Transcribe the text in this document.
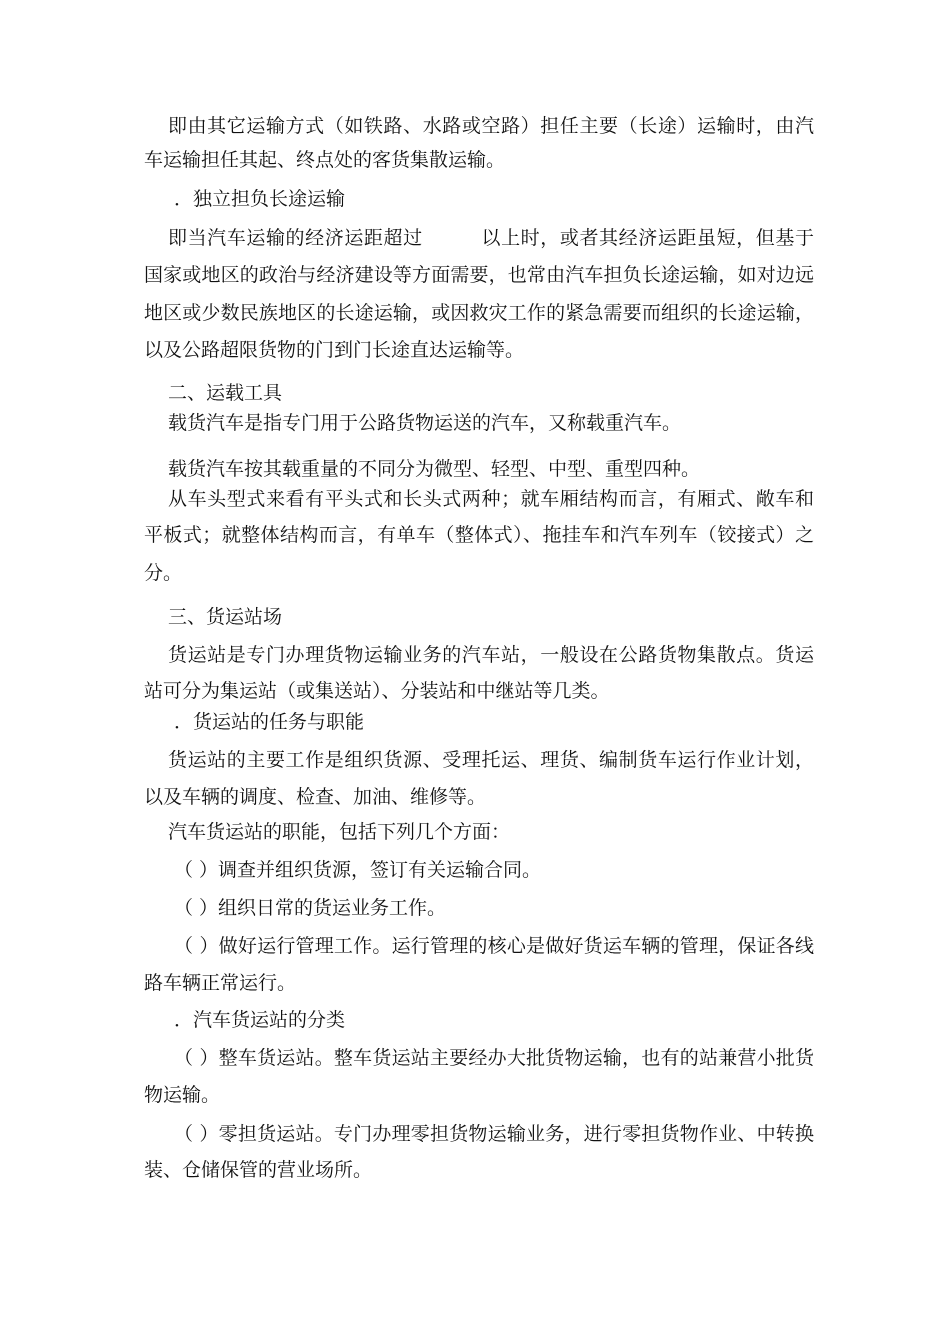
即由其它运输方式（如铁路、水路或空路）担任主要（长途）运输时，由汽
车运输担任其起、终点处的客货集散运输。
．独立担负长途运输
即当汽车运输的经济运距超过　　　以上时，或者其经济运距虽短，但基于
国家或地区的政治与经济建设等方面需要，也常由汽车担负长途运输，如对边远
地区或少数民族地区的长途运输，或因救灾工作的紧急需要而组织的长途运输，
以及公路超限货物的门到门长途直达运输等。
二、运载工具
载货汽车是指专门用于公路货物运送的汽车，又称载重汽车。
载货汽车按其载重量的不同分为微型、轻型、中型、重型四种。
从车头型式来看有平头式和长头式两种；就车厢结构而言，有厢式、敞车和
平板式；就整体结构而言，有单车（整体式）、拖挂车和汽车列车（铰接式）之
分。
三、货运站场
货运站是专门办理货物运输业务的汽车站，一般设在公路货物集散点。货运
站可分为集运站（或集送站）、分装站和中继站等几类。
．货运站的任务与职能
货运站的主要工作是组织货源、受理托运、理货、编制货车运行作业计划，
以及车辆的调度、检查、加油、维修等。
汽车货运站的职能，包括下列几个方面：
（ ）调查并组织货源，签订有关运输合同。
（ ）组织日常的货运业务工作。
（ ）做好运行管理工作。运行管理的核心是做好货运车辆的管理，保证各线
路车辆正常运行。
．汽车货运站的分类
（ ）整车货运站。整车货运站主要经办大批货物运输，也有的站兼营小批货
物运输。
（ ）零担货运站。专门办理零担货物运输业务，进行零担货物作业、中转换
装、仓储保管的营业场所。
